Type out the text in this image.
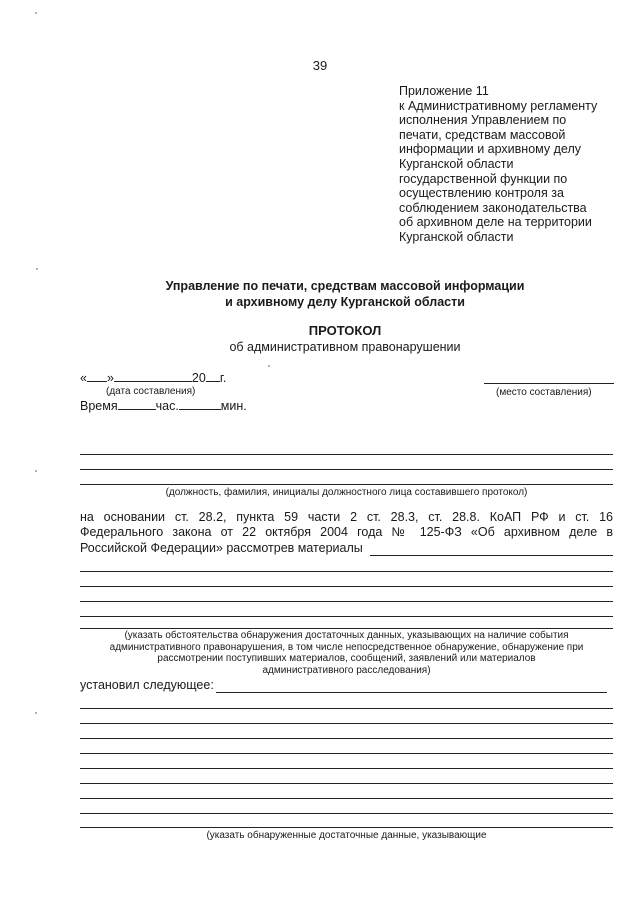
39
Приложение 11
к Административному регламенту
исполнения Управлением по
печати, средствам массовой
информации и архивному делу
Курганской области
государственной функции по
осуществлению контроля за
соблюдением законодательства
об архивном деле на территории
Курганской области
Управление по печати, средствам массовой информации
и архивному делу Курганской области
ПРОТОКОЛ
об административном правонарушении
« »	20 г.
(дата составления)	(место составления)
Время	час.	мин.
(должность, фамилия, инициалы должностного лица составившего протокол)
на основании ст. 28.2, пункта 59 части 2 ст. 28.3, ст. 28.8. КоАП РФ и ст. 16
Федерального закона от 22 октября 2004 года № 125-ФЗ «Об архивном деле в
Российской Федерации» рассмотрев материалы
(указать обстоятельства обнаружения достаточных данных, указывающих на наличие события
административного правонарушения, в том числе непосредственное обнаружение, обнаружение при
рассмотрении поступивших материалов, сообщений, заявлений или материалов
административного расследования)
установил следующее:
(указать обнаруженные достаточные данные, указывающие
